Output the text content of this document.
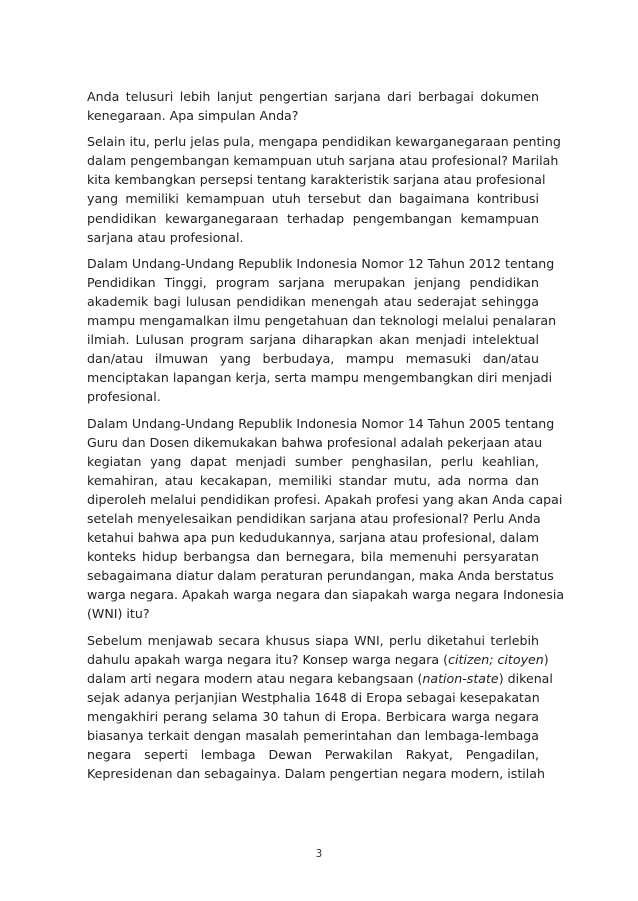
Anda telusuri lebih lanjut pengertian sarjana dari berbagai dokumen
kenegaraan. Apa simpulan Anda?

Selain itu, perlu jelas pula, mengapa pendidikan kewarganegaraan penting
dalam pengembangan kemampuan utuh sarjana atau profesional? Marilah
kita kembangkan persepsi tentang karakteristik sarjana atau profesional
yang memiliki kemampuan utuh tersebut dan bagaimana kontribusi
pendidikan kewarganegaraan terhadap pengembangan kemampuan
sarjana atau profesional.

Dalam Undang-Undang Republik Indonesia Nomor 12 Tahun 2012 tentang
Pendidikan Tinggi, program sarjana merupakan jenjang pendidikan
akademik bagi lulusan pendidikan menengah atau sederajat sehingga
mampu mengamalkan ilmu pengetahuan dan teknologi melalui penalaran
ilmiah. Lulusan program sarjana diharapkan akan menjadi intelektual
dan/atau ilmuwan yang berbudaya, mampu memasuki dan/atau
menciptakan lapangan kerja, serta mampu mengembangkan diri menjadi
profesional.

Dalam Undang-Undang Republik Indonesia Nomor 14 Tahun 2005 tentang
Guru dan Dosen dikemukakan bahwa profesional adalah pekerjaan atau
kegiatan yang dapat menjadi sumber penghasilan, perlu keahlian,
kemahiran, atau kecakapan, memiliki standar mutu, ada norma dan
diperoleh melalui pendidikan profesi. Apakah profesi yang akan Anda capai
setelah menyelesaikan pendidikan sarjana atau profesional? Perlu Anda
ketahui bahwa apa pun kedudukannya, sarjana atau profesional, dalam
konteks hidup berbangsa dan bernegara, bila memenuhi persyaratan
sebagaimana diatur dalam peraturan perundangan, maka Anda berstatus
warga negara. Apakah warga negara dan siapakah warga negara Indonesia
(WNI) itu?

Sebelum menjawab secara khusus siapa WNI, perlu diketahui terlebih
dahulu apakah warga negara itu? Konsep warga negara (citizen; citoyen)
dalam arti negara modern atau negara kebangsaan (nation-state) dikenal
sejak adanya perjanjian Westphalia 1648 di Eropa sebagai kesepakatan
mengakhiri perang selama 30 tahun di Eropa. Berbicara warga negara
biasanya terkait dengan masalah pemerintahan dan lembaga-lembaga
negara seperti lembaga Dewan Perwakilan Rakyat, Pengadilan,
Kepresidenan dan sebagainya. Dalam pengertian negara modern, istilah

3
